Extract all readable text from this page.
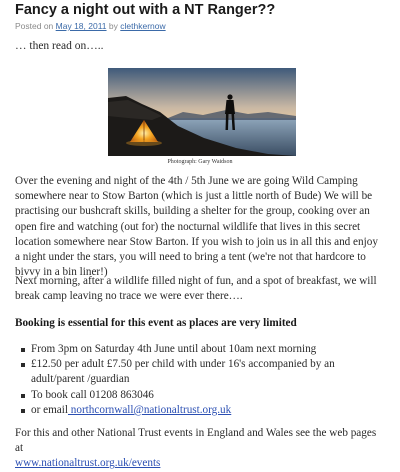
Fancy a night out with a NT Ranger??
Posted on May 18, 2011 by clethkernow
… then read on…..
Photograph: Gary Waidson

Over the evening and night of the 4th / 5th June we are going Wild Camping somewhere near to Stow Barton (which is just a little north of Bude) We will be practising our bushcraft skills, building a shelter for the group, cooking over an open fire and watching (out for) the nocturnal wildlife that lives in this secret location somewhere near Stow Barton. If you wish to join us in all this and enjoy a night under the stars, you will need to bring a tent (we're not that hardcore to bivvy in a bin liner!)

Next morning, after a wildlife filled night of fun, and a spot of breakfast, we will break camp leaving no trace we were ever there….

Booking is essential for this event as places are very limited
From 3pm on Saturday 4th June until about 10am next morning
£12.50 per adult £7.50 per child with under 16's accompanied by an adult/parent /guardian
To book call 01208 863046
or email northcornwall@nationaltrust.org.uk

For this and other National Trust events in England and Wales see the web pages at
www.nationaltrust.org.uk/events
